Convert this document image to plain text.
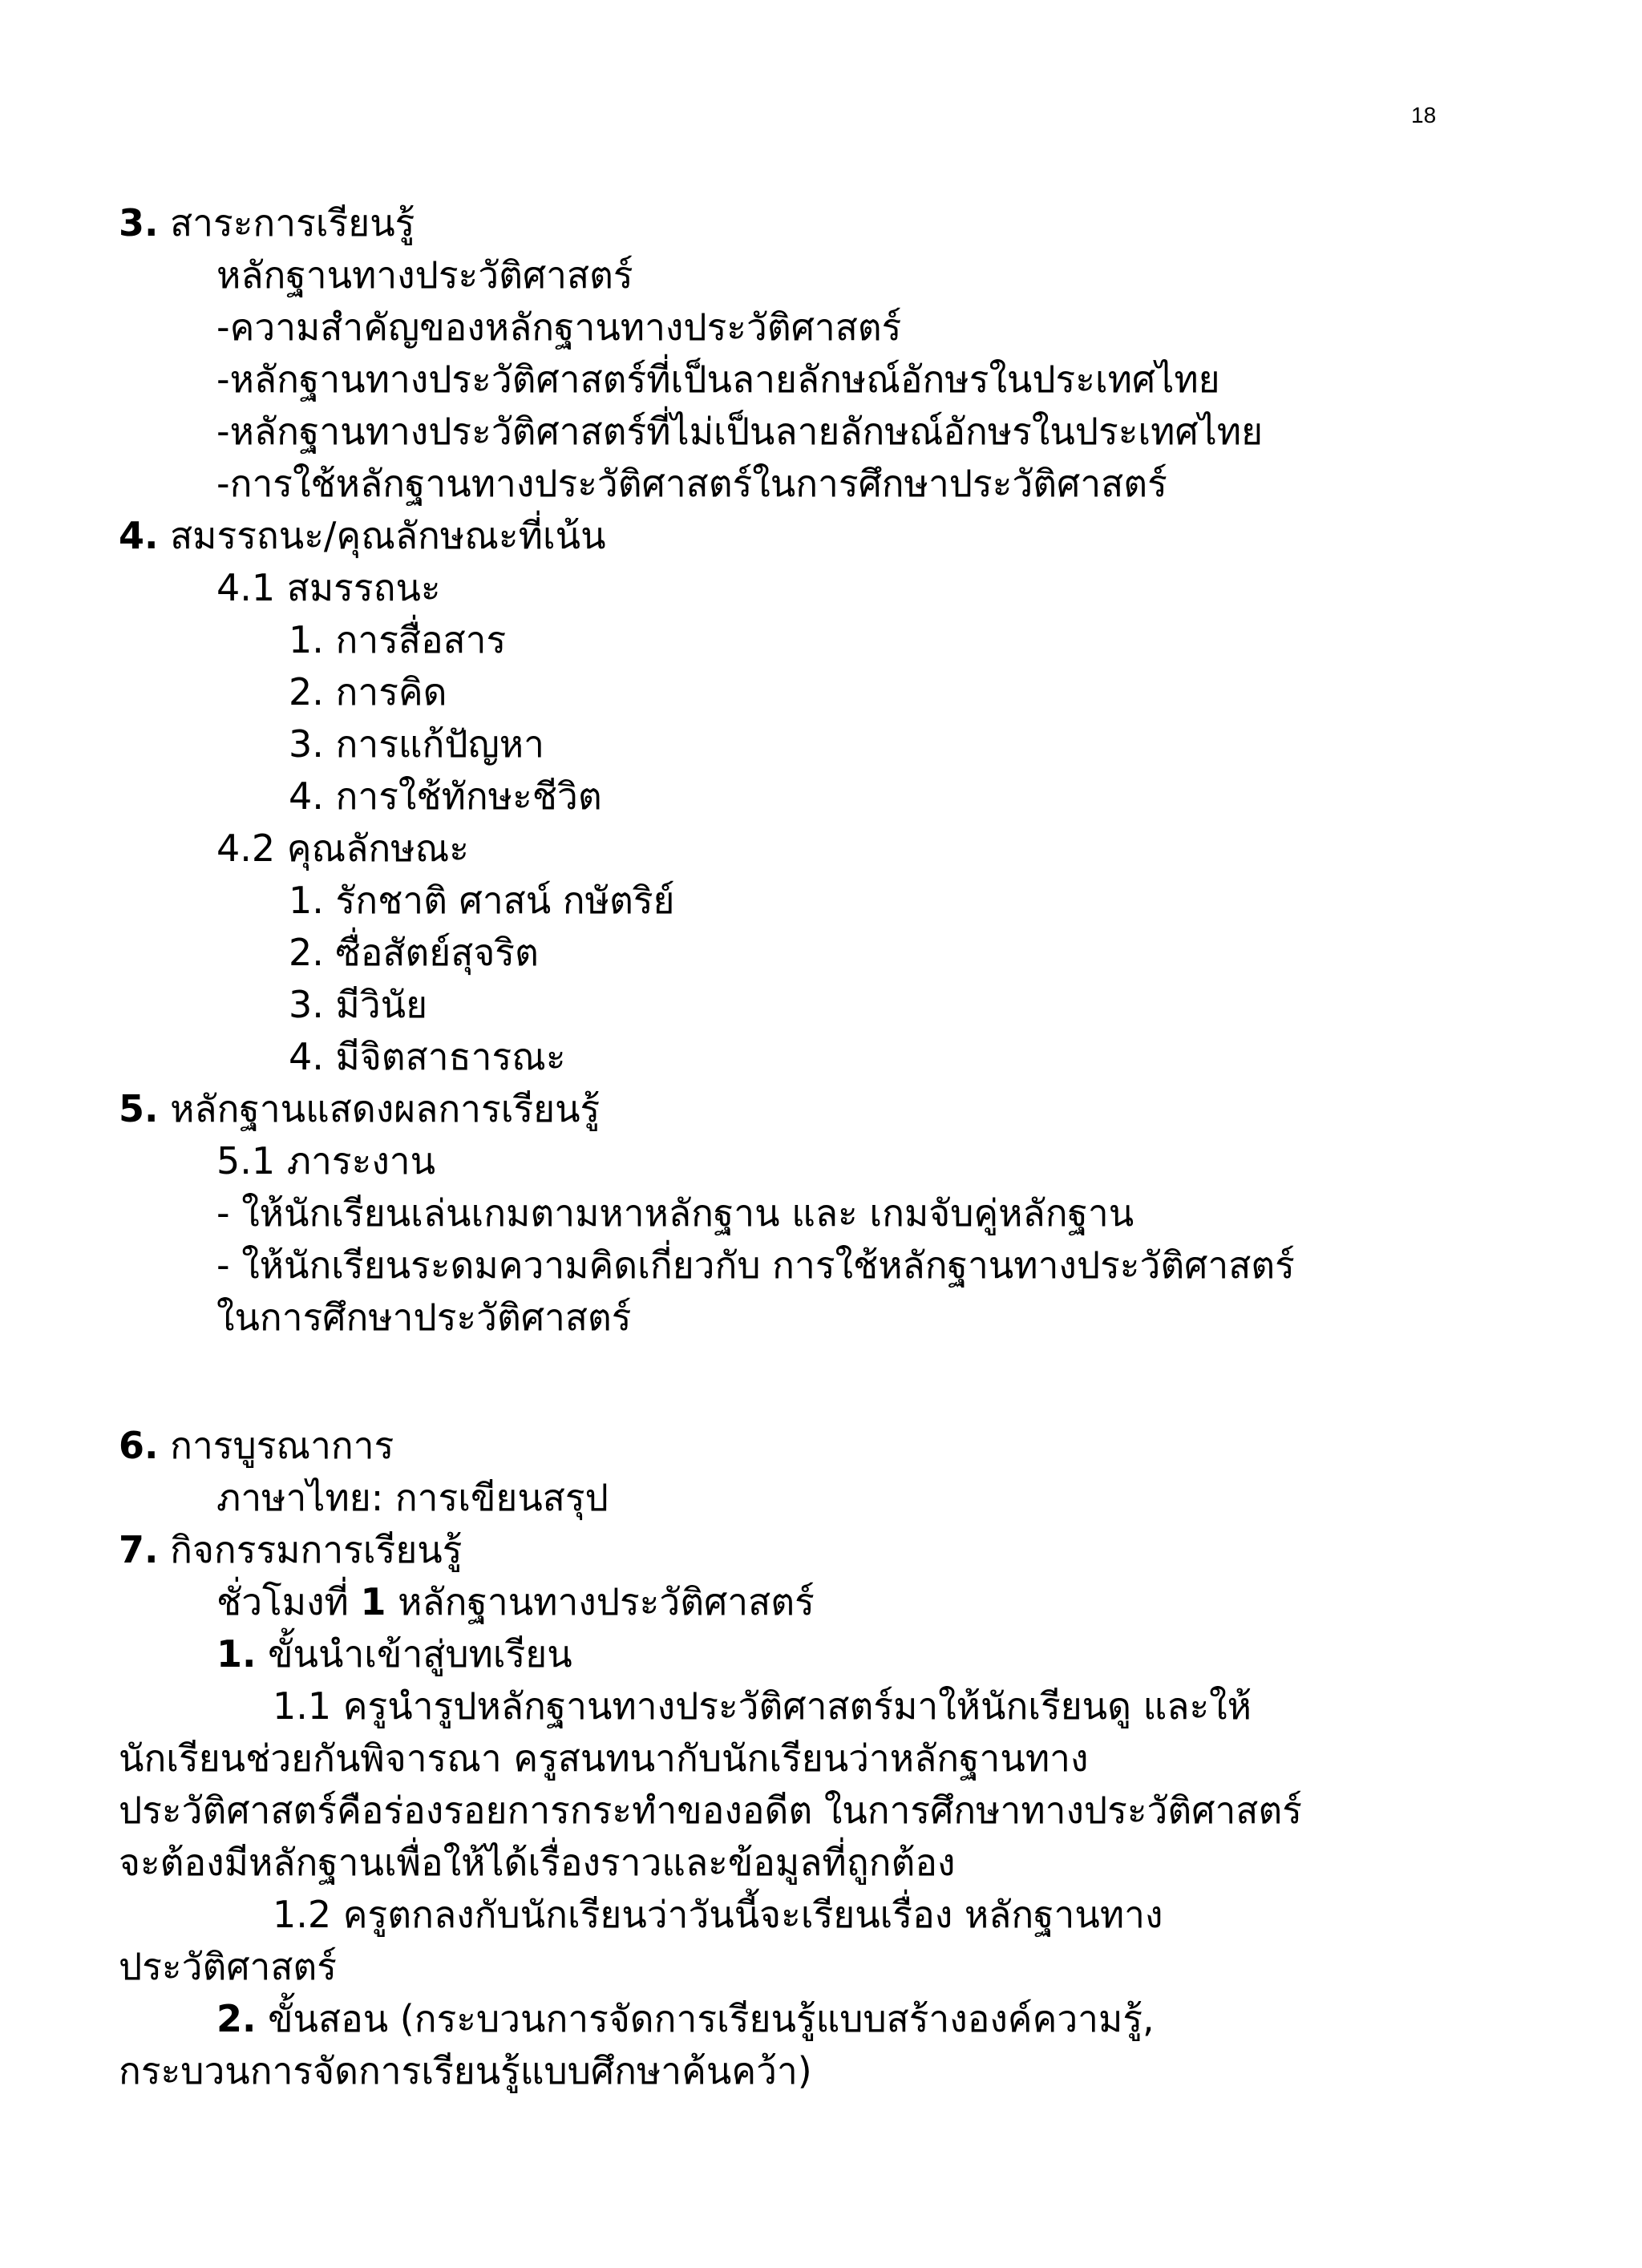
18
3. สาระการเรียนรู้
หลักฐานทางประวัติศาสตร์
-ความสำคัญของหลักฐานทางประวัติศาสตร์
-หลักฐานทางประวัติศาสตร์ที่เป็นลายลักษณ์อักษรในประเทศไทย
-หลักฐานทางประวัติศาสตร์ที่ไม่เป็นลายลักษณ์อักษรในประเทศไทย
-การใช้หลักฐานทางประวัติศาสตร์ในการศึกษาประวัติศาสตร์
4. สมรรถนะ/คุณลักษณะที่เน้น
4.1 สมรรถนะ
1. การสื่อสาร
2. การคิด
3. การแก้ปัญหา
4. การใช้ทักษะชีวิต
4.2 คุณลักษณะ
1. รักชาติ ศาสน์ กษัตริย์
2. ซื่อสัตย์สุจริต
3. มีวินัย
4. มีจิตสาธารณะ
5. หลักฐานแสดงผลการเรียนรู้
5.1 ภาระงาน
- ให้นักเรียนเล่นเกมตามหาหลักฐาน และ เกมจับคู่หลักฐาน
- ให้นักเรียนระดมความคิดเกี่ยวกับ การใช้หลักฐานทางประวัติศาสตร์
ในการศึกษาประวัติศาสตร์
6. การบูรณาการ
ภาษาไทย: การเขียนสรุป
7. กิจกรรมการเรียนรู้
ชั่วโมงที่ 1 หลักฐานทางประวัติศาสตร์
1. ขั้นนำเข้าสู่บทเรียน
1.1 ครูนำรูปหลักฐานทางประวัติศาสตร์มาให้นักเรียนดู และให้
นักเรียนช่วยกันพิจารณา ครูสนทนากับนักเรียนว่าหลักฐานทาง
ประวัติศาสตร์คือร่องรอยการกระทำของอดีต ในการศึกษาทางประวัติศาสตร์
จะต้องมีหลักฐานเพื่อให้ได้เรื่องราวและข้อมูลที่ถูกต้อง
1.2 ครูตกลงกับนักเรียนว่าวันนี้จะเรียนเรื่อง หลักฐานทาง
ประวัติศาสตร์
2. ขั้นสอน (กระบวนการจัดการเรียนรู้แบบสร้างองค์ความรู้,
กระบวนการจัดการเรียนรู้แบบศึกษาค้นคว้า)
